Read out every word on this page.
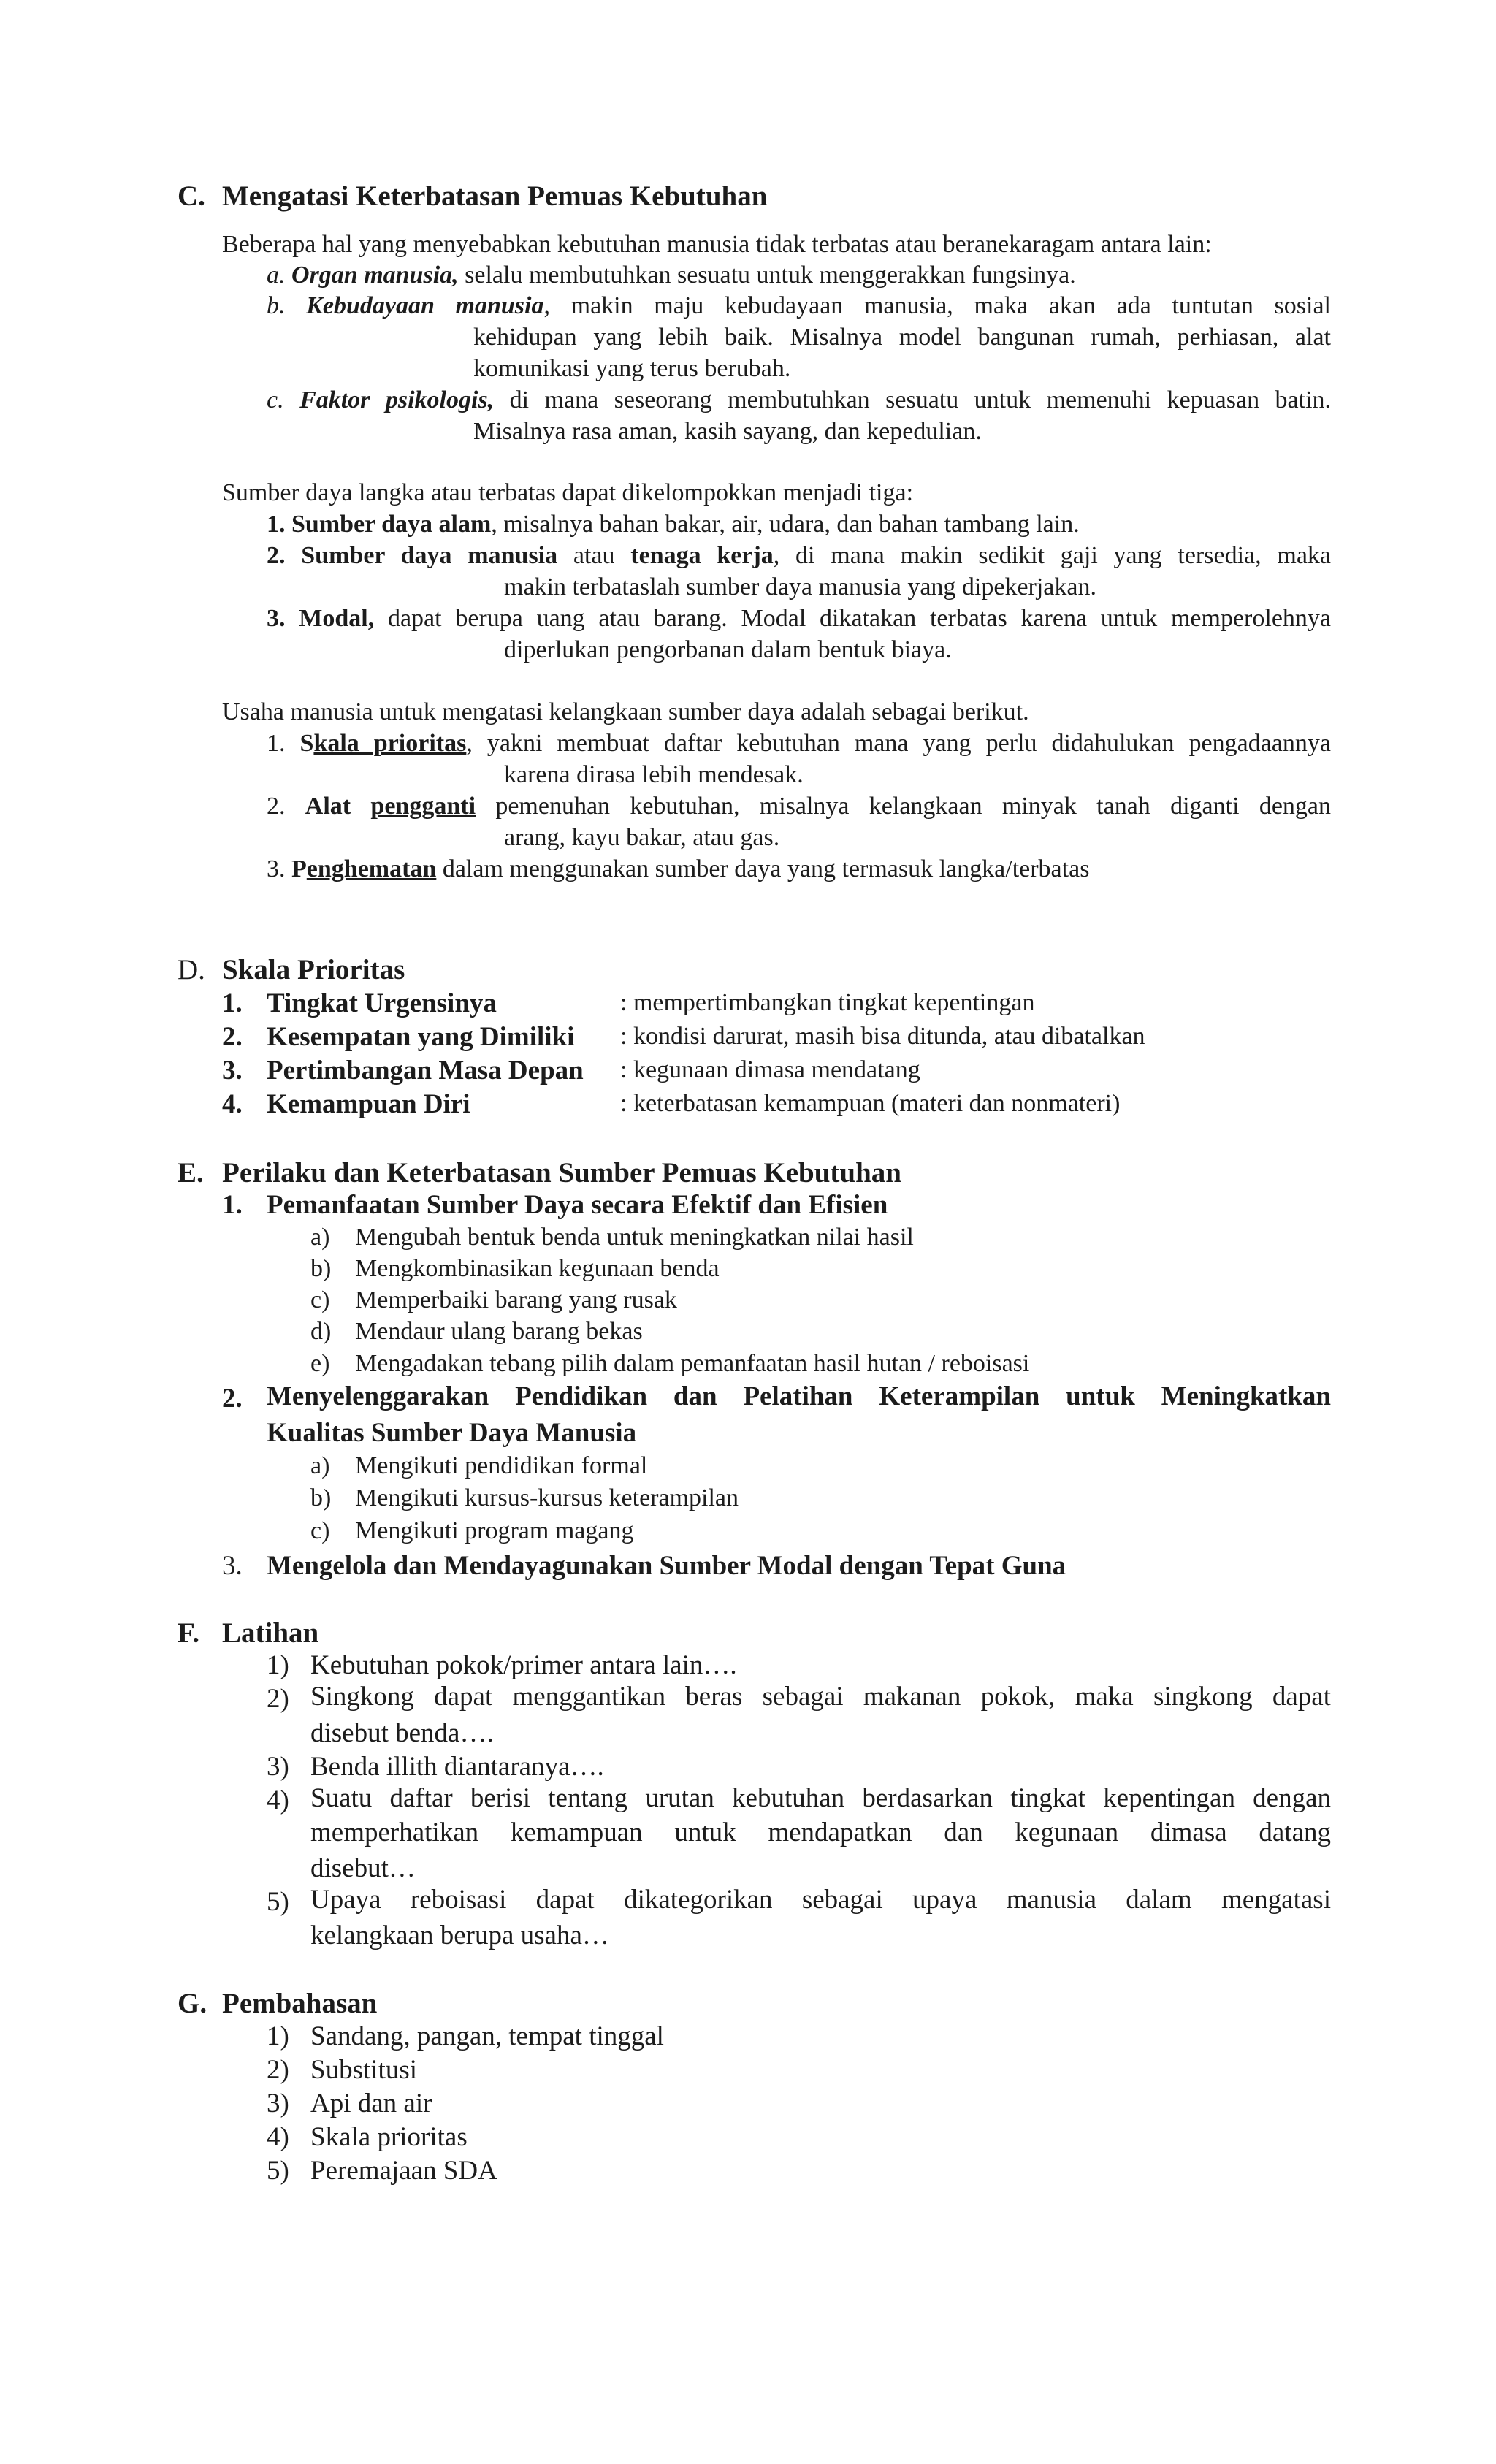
C. Mengatasi Keterbatasan Pemuas Kebutuhan
Beberapa hal yang menyebabkan kebutuhan manusia tidak terbatas atau beranekaragam antara lain:
a. Organ manusia, selalu membutuhkan sesuatu untuk menggerakkan fungsinya.
b. Kebudayaan manusia, makin maju kebudayaan manusia, maka akan ada tuntutan sosial
kehidupan yang lebih baik. Misalnya model bangunan rumah, perhiasan, alat
komunikasi yang terus berubah.
c. Faktor psikologis, di mana seseorang membutuhkan sesuatu untuk memenuhi kepuasan batin.
Misalnya rasa aman, kasih sayang, dan kepedulian.
Sumber daya langka atau terbatas dapat dikelompokkan menjadi tiga:
1. Sumber daya alam, misalnya bahan bakar, air, udara, dan bahan tambang lain.
2. Sumber daya manusia atau tenaga kerja, di mana makin sedikit gaji yang tersedia, maka
makin terbataslah sumber daya manusia yang dipekerjakan.
3. Modal, dapat berupa uang atau barang. Modal dikatakan terbatas karena untuk memperolehnya
diperlukan pengorbanan dalam bentuk biaya.
Usaha manusia untuk mengatasi kelangkaan sumber daya adalah sebagai berikut.
1. Skala prioritas, yakni membuat daftar kebutuhan mana yang perlu didahulukan pengadaannya
karena dirasa lebih mendesak.
2. Alat pengganti pemenuhan kebutuhan, misalnya kelangkaan minyak tanah diganti dengan
arang, kayu bakar, atau gas.
3. Penghematan dalam menggunakan sumber daya yang termasuk langka/terbatas
D. Skala Prioritas
1. Tingkat Urgensinya	: mempertimbangkan tingkat kepentingan
2. Kesempatan yang Dimiliki : kondisi darurat, masih bisa ditunda, atau dibatalkan
3. Pertimbangan Masa Depan : kegunaan dimasa mendatang
4. Kemampuan Diri	: keterbatasan kemampuan (materi dan nonmateri)
E. Perilaku dan Keterbatasan Sumber Pemuas Kebutuhan
1. Pemanfaatan Sumber Daya secara Efektif dan Efisien
a) Mengubah bentuk benda untuk meningkatkan nilai hasil
b) Mengkombinasikan kegunaan benda
c) Memperbaiki barang yang rusak
d) Mendaur ulang barang bekas
e) Mengadakan tebang pilih dalam pemanfaatan hasil hutan / reboisasi
2. Menyelenggarakan Pendidikan dan Pelatihan Keterampilan untuk Meningkatkan
Kualitas Sumber Daya Manusia
a) Mengikuti pendidikan formal
b) Mengikuti kursus-kursus keterampilan
c) Mengikuti program magang
3. Mengelola dan Mendayagunakan Sumber Modal dengan Tepat Guna
F. Latihan
1) Kebutuhan pokok/primer antara lain….
2) Singkong dapat menggantikan beras sebagai makanan pokok, maka singkong dapat
disebut benda….
3) Benda illith diantaranya….
4) Suatu daftar berisi tentang urutan kebutuhan berdasarkan tingkat kepentingan dengan
memperhatikan kemampuan untuk mendapatkan dan kegunaan dimasa datang
disebut…
5) Upaya reboisasi dapat dikategorikan sebagai upaya manusia dalam mengatasi
kelangkaan berupa usaha…
G. Pembahasan
1) Sandang, pangan, tempat tinggal
2) Substitusi
3) Api dan air
4) Skala prioritas
5) Peremajaan SDA
